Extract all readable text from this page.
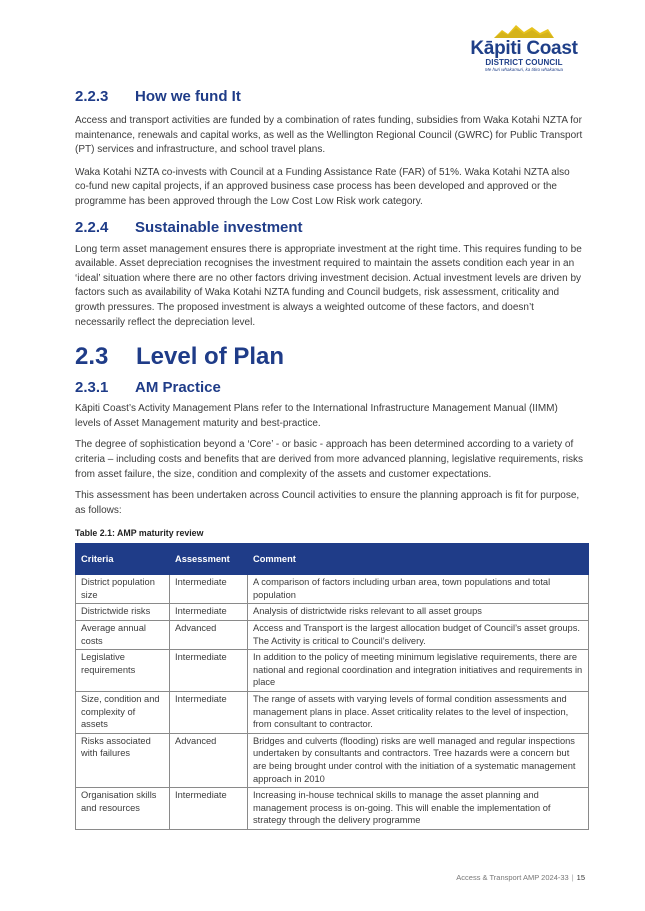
Kāpiti Coast
DISTRICT COUNCIL
Me huri whakamuri, ka titiro whakamua
2.2.3	How we fund It

Access and transport activities are funded by a combination of rates funding, subsidies from Waka Kotahi NZTA for maintenance, renewals and capital works, as well as the Wellington Regional Council (GWRC) for Public Transport (PT) services and infrastructure, and school travel plans.

Waka Kotahi NZTA co-invests with Council at a Funding Assistance Rate (FAR) of 51%. Waka Kotahi NZTA also co-fund new capital projects, if an approved business case process has been developed and approved or the programme has been approved through the Low Cost Low Risk work category.

2.2.4	Sustainable investment

Long term asset management ensures there is appropriate investment at the right time. This requires funding to be available. Asset depreciation recognises the investment required to maintain the assets condition each year in an ‘ideal’ situation where there are no other factors driving investment decision. Actual investment levels are driven by factors such as availability of Waka Kotahi NZTA funding and Council budgets, risk assessment, criticality and growth pressures. The proposed investment is always a weighted outcome of these factors, and doesn’t necessarily reflect the depreciation level.

2.3	Level of Plan
2.3.1	AM Practice

Kāpiti Coast’s Activity Management Plans refer to the International Infrastructure Management Manual (IIMM) levels of Asset Management maturity and best-practice.

The degree of sophistication beyond a ‘Core’ - or basic - approach has been determined according to a variety of criteria – including costs and benefits that are derived from more advanced planning, legislative requirements, risks from asset failure, the size, condition and complexity of the assets and customer expectations.

This assessment has been undertaken across Council activities to ensure the planning approach is fit for purpose, as follows:

Table 2.1: AMP maturity review
Criteria	Assessment	Comment
District population size	Intermediate	A comparison of factors including urban area, town populations and total population
Districtwide risks	Intermediate	Analysis of districtwide risks relevant to all asset groups
Average annual costs	Advanced	Access and Transport is the largest allocation budget of Council’s asset groups. The Activity is critical to Council’s delivery.
Legislative requirements	Intermediate	In addition to the policy of meeting minimum legislative requirements, there are national and regional coordination and integration initiatives and requirements in place
Size, condition and complexity of assets	Intermediate	The range of assets with varying levels of formal condition assessments and management plans in place. Asset criticality relates to the level of inspection, from consultant to contractor.
Risks associated with failures	Advanced	Bridges and culverts (flooding) risks are well managed and regular inspections undertaken by consultants and contractors. Tree hazards were a concern but are being brought under control with the initiation of a systematic management approach in 2010
Organisation skills and resources	Intermediate	Increasing in-house technical skills to manage the asset planning and management process is on-going. This will enable the implementation of strategy through the delivery programme
Access & Transport AMP 2024-33 | 15
